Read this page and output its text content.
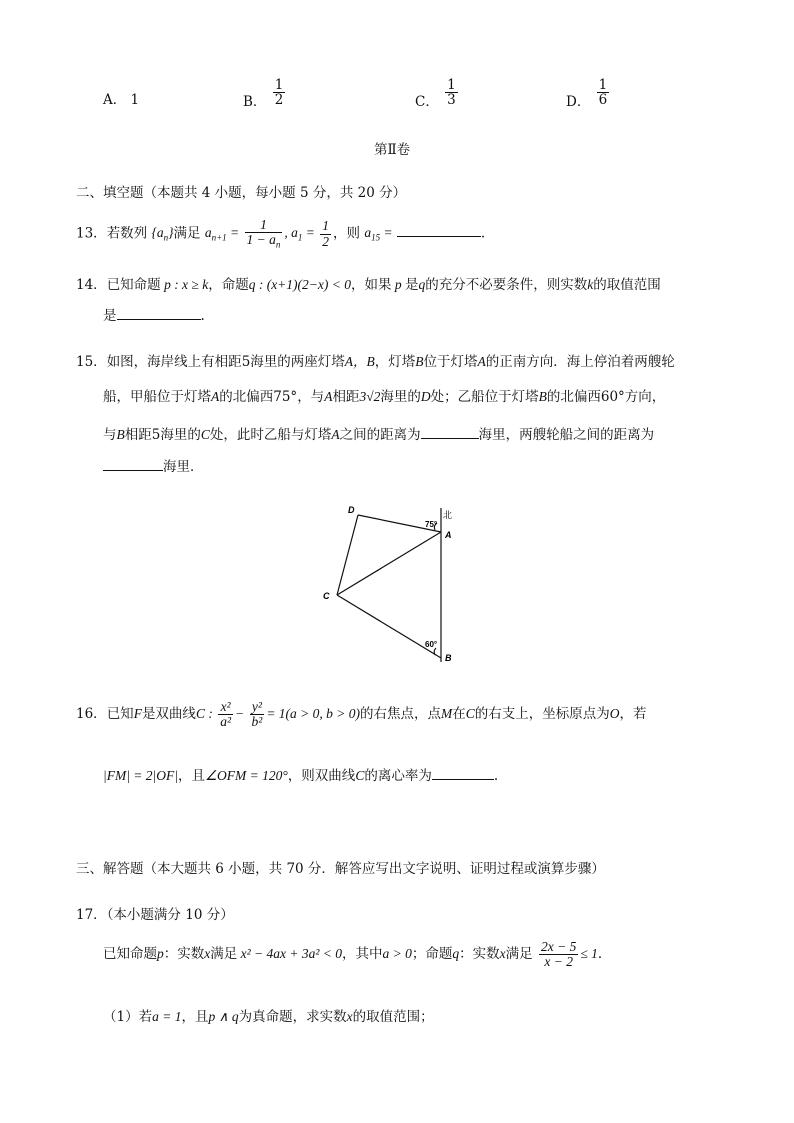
A． 1	B． $\frac{1}{2}$	C． $\frac{1}{3}$	D． $\frac{1}{6}$
第Ⅱ卷
二、填空题（本题共 4 小题，每小题 5 分，共 20 分）
13．若数列 $\{a_n\}$满足 $a_{n+1} = \frac{1}{1 - a_n}$ , $a_1 = \frac{1}{2}$ ，则 $a_{15}$ =	.
14．已知命题 p : x ≥ k，命题q : (x+1)(2−x) < 0，如果 p 是q的充分不必要条件，则实数k的取值范围
是	.
15．如图，海岸线上有相距5海里的两座灯塔A，B，灯塔B位于灯塔A的正南方向．海上停泊着两艘轮
船，甲船位于灯塔A的北偏西75°，与A相距3√2海里的D处；乙船位于灯塔B的北偏西60°方向，
与B相距5海里的C处，此时乙船与灯塔A之间的距离为	海里，两艘轮船之间的距离为
海里．
D
A
C
B
北
75°
60°
16．已知F是双曲线C : $\frac{\text{x²}}{\text{a²}} - \frac{\text{y²}}{\text{b²}} = 1(a > 0$, b > 0)的右焦点，点M在C的右支上，坐标原点为O，若
|FM| = 2|OF|，且∠OFM = 120°，则双曲线C的离心率为	.
三、解答题（本大题共 6 小题，共 70 分．解答应写出文字说明、证明过程或演算步骤）
17．（本小题满分 10 分）
已知命题p：实数x满足 x² − 4ax + 3a² < 0，其中a > 0；命题q：实数x满足 $\frac{2x - 5}{x - 2} \le 1$．
（1）若a = 1，且p ∧ q为真命题，求实数x的取值范围；
